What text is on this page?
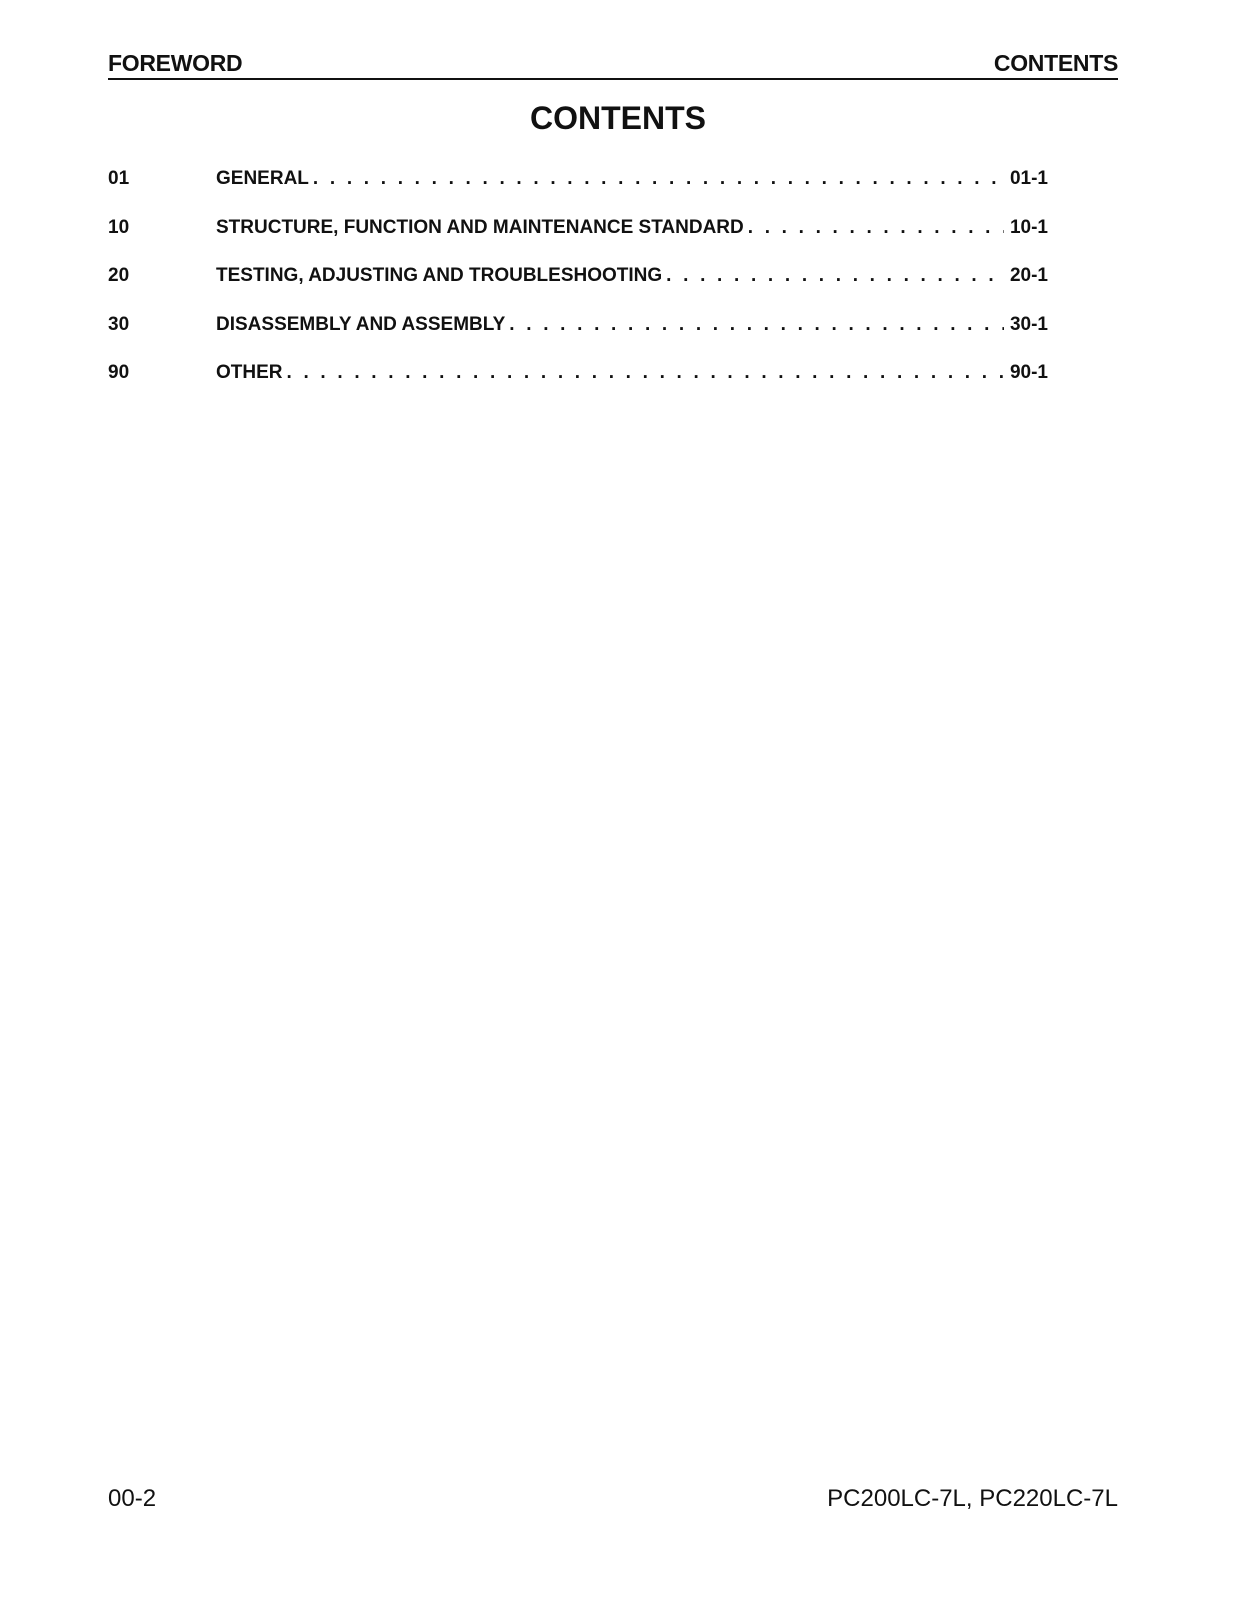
FOREWORD	CONTENTS
CONTENTS
01	GENERAL . . .	01-1
10	STRUCTURE, FUNCTION AND MAINTENANCE STANDARD . . .	10-1
20	TESTING, ADJUSTING AND TROUBLESHOOTING . . .	20-1
30	DISASSEMBLY AND ASSEMBLY . . .	30-1
90	OTHER . . .	90-1
00-2	PC200LC-7L, PC220LC-7L
